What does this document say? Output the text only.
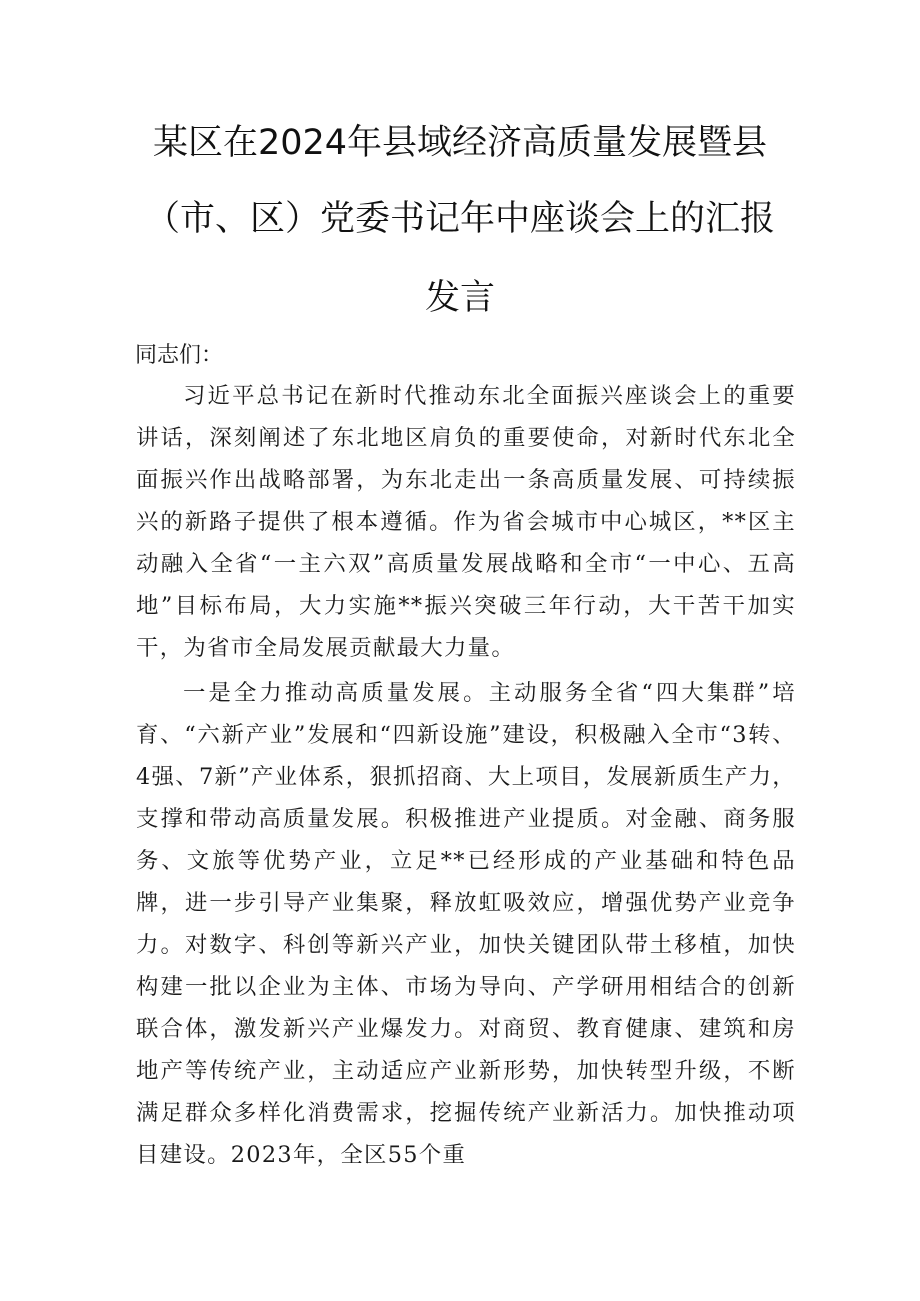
某区在2024年县域经济高质量发展暨县
（市、区）党委书记年中座谈会上的汇报
发言
同志们：
习近平总书记在新时代推动东北全面振兴座谈会上的重要讲话，深刻阐述了东北地区肩负的重要使命，对新时代东北全面振兴作出战略部署，为东北走出一条高质量发展、可持续振兴的新路子提供了根本遵循。作为省会城市中心城区，**区主动融入全省“一主六双”高质量发展战略和全市“一中心、五高地”目标布局，大力实施**振兴突破三年行动，大干苦干加实干，为省市全局发展贡献最大力量。
一是全力推动高质量发展。主动服务全省“四大集群”培育、“六新产业”发展和“四新设施”建设，积极融入全市“3转、4强、7新”产业体系，狠抓招商、大上项目，发展新质生产力，支撑和带动高质量发展。积极推进产业提质。对金融、商务服务、文旅等优势产业，立足**已经形成的产业基础和特色品牌，进一步引导产业集聚，释放虹吸效应，增强优势产业竞争力。对数字、科创等新兴产业，加快关键团队带土移植，加快构建一批以企业为主体、市场为导向、产学研用相结合的创新联合体，激发新兴产业爆发力。对商贸、教育健康、建筑和房地产等传统产业，主动适应产业新形势，加快转型升级，不断满足群众多样化消费需求，挖掘传统产业新活力。加快推动项目建设。2023年，全区55个重
